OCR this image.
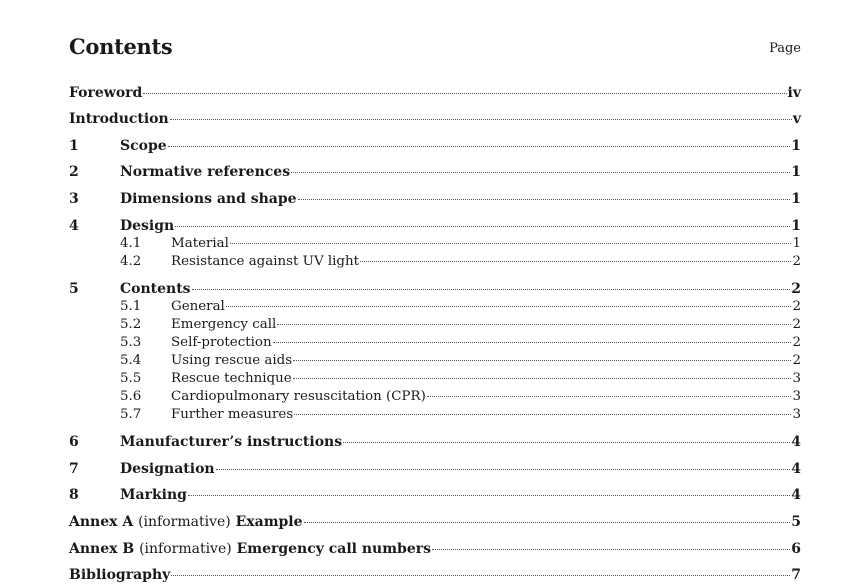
Contents	Page
Foreword	iv
Introduction	v
1	Scope	1
2	Normative references	1
3	Dimensions and shape	1
4	Design	1
4.1	Material	1
4.2	Resistance against UV light	2
5	Contents	2
5.1	General	2
5.2	Emergency call	2
5.3	Self-protection	2
5.4	Using rescue aids	2
5.5	Rescue technique	3
5.6	Cardiopulmonary resuscitation (CPR)	3
5.7	Further measures	3
6	Manufacturer’s instructions	4
7	Designation	4
8	Marking	4
Annex A (informative) Example	5
Annex B (informative) Emergency call numbers	6
Bibliography	7
